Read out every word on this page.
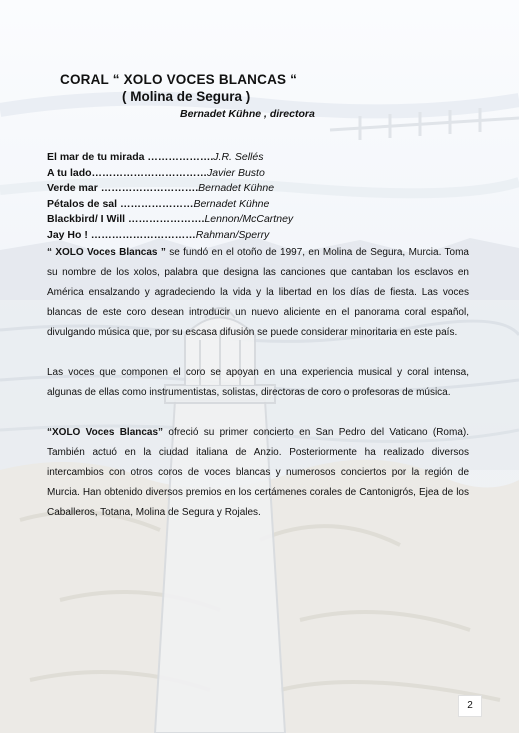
CORAL “ XOLO VOCES BLANCAS “
( Molina de Segura )
Bernadet Kühne , directora
El mar de tu mirada ……………….J.R. Sellés
A tu lado……………………………Javier Busto
Verde mar ……………………….Bernadet Kühne
Pétalos de sal …………………Bernadet Kühne
Blackbird/ I Will ………………….Lennon/McCartney
Jay Ho ! …………………………Rahman/Sperry

“ XOLO Voces Blancas ” se fundó en el otoño de 1997, en Molina de Segura, Murcia. Toma su nombre de los xolos, palabra que designa las canciones que cantaban los esclavos en América ensalzando y agradeciendo la vida y la libertad en los días de fiesta. Las voces blancas de este coro desean introducir un nuevo aliciente en el panorama coral español, divulgando música que, por su escasa difusión se puede considerar minoritaria en este país.

Las voces que componen el coro se apoyan en una experiencia musical y coral intensa, algunas de ellas como instrumentistas, solistas, directoras de coro o profesoras de música.

“XOLO Voces Blancas” ofreció su primer concierto en San Pedro del Vaticano (Roma). También actuó en la ciudad italiana de Anzio. Posteriormente ha realizado diversos intercambios con otros coros de voces blancas y numerosos conciertos por la región de Murcia. Han obtenido diversos premios en los certámenes corales de Cantonigrós, Ejea de los Caballeros, Totana, Molina de Segura y Rojales.

2
